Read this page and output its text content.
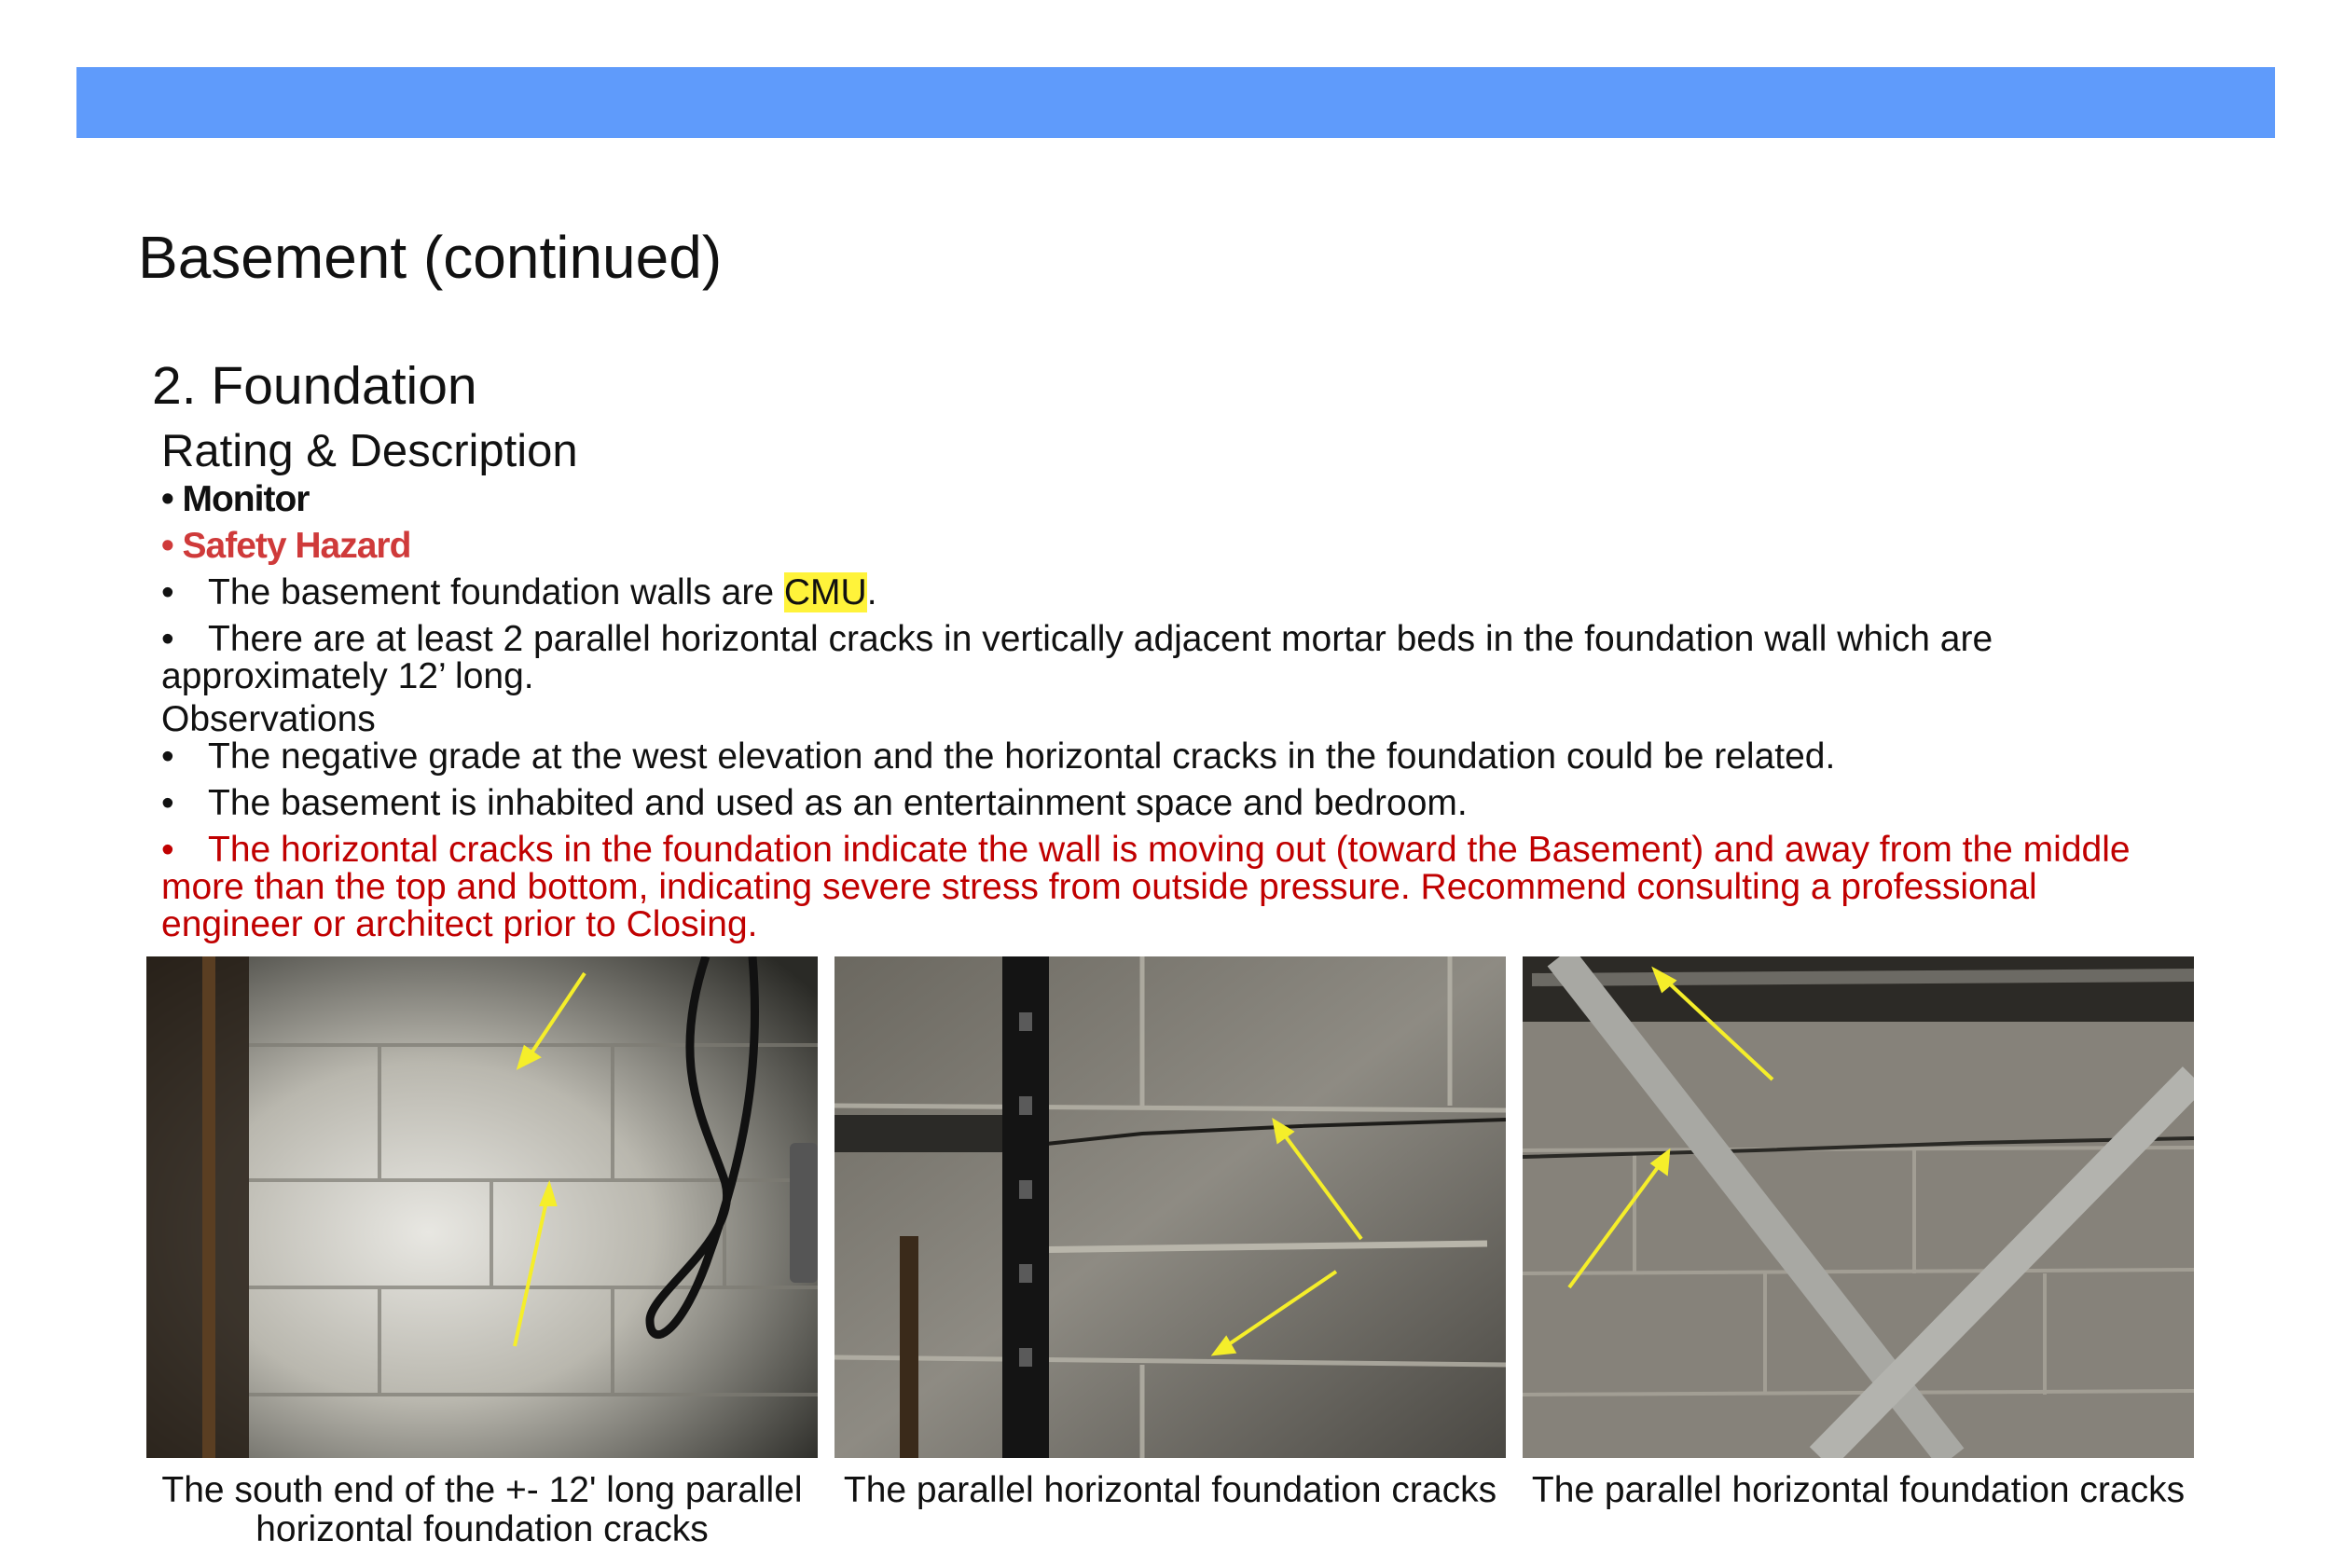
Basement (continued)
2. Foundation
Rating & Description
• Monitor
• Safety Hazard
• The basement foundation walls are CMU.
• There are at least 2 parallel horizontal cracks in vertically adjacent mortar beds in the foundation wall which are approximately 12’ long.
Observations
• The negative grade at the west elevation and the horizontal cracks in the foundation could be related.
• The basement is inhabited and used as an entertainment space and bedroom.
• The horizontal cracks in the foundation indicate the wall is moving out (toward the Basement) and away from the middle more than the top and bottom, indicating severe stress from outside pressure. Recommend consulting a professional engineer or architect prior to Closing.
The south end of the +- 12' long parallel horizontal foundation cracks
The parallel horizontal foundation cracks The parallel horizontal foundation cracks
